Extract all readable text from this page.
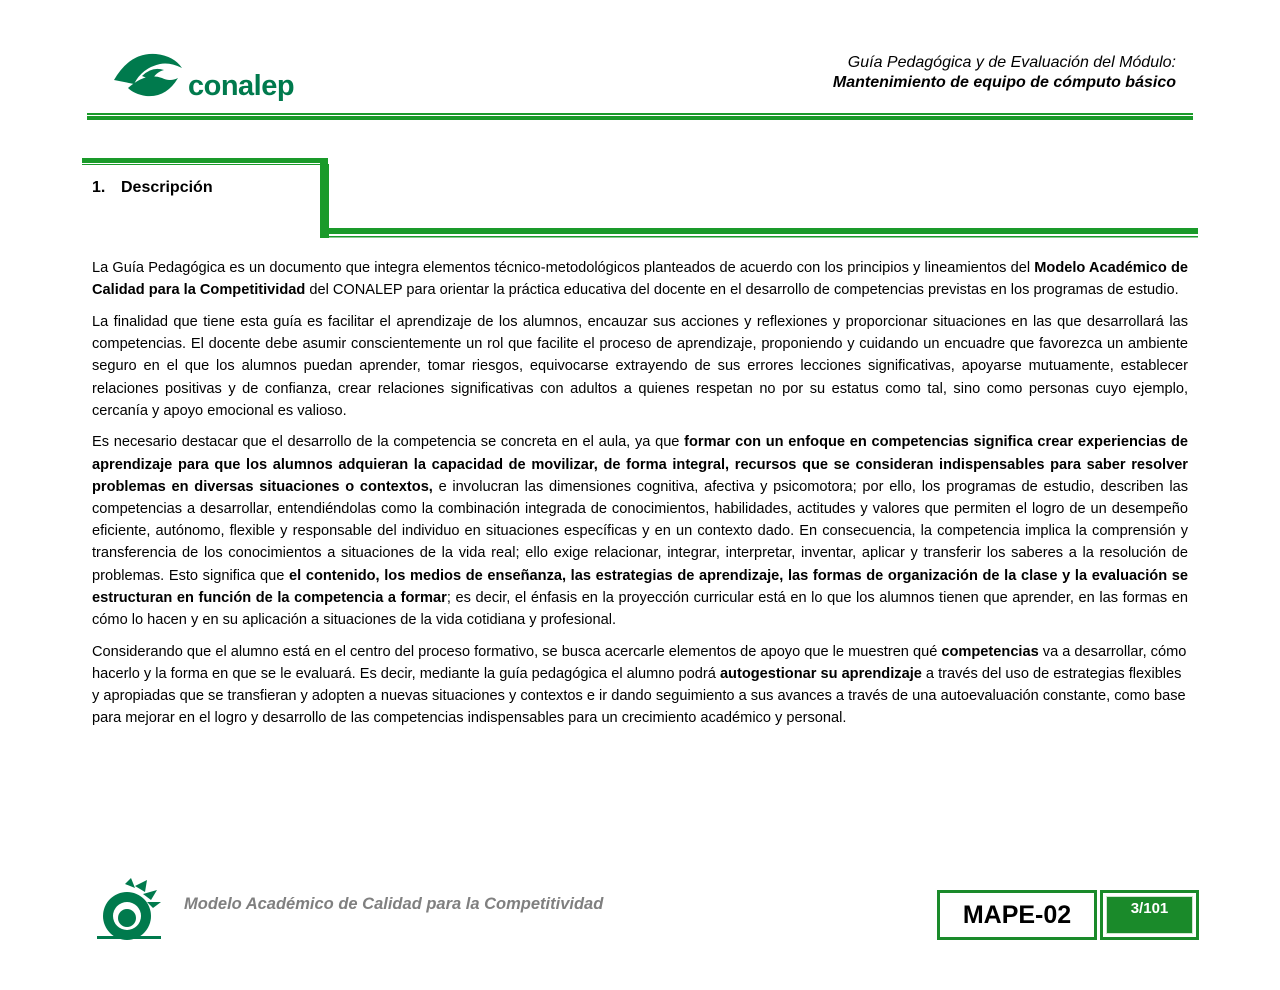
conalep
Guía Pedagógica y de Evaluación del Módulo:
Mantenimiento de equipo de cómputo básico
1. Descripción

La Guía Pedagógica es un documento que integra elementos técnico-metodológicos planteados de acuerdo con los principios y lineamientos del Modelo Académico de Calidad para la Competitividad del CONALEP para orientar la práctica educativa del docente en el desarrollo de competencias previstas en los programas de estudio.

La finalidad que tiene esta guía es facilitar el aprendizaje de los alumnos, encauzar sus acciones y reflexiones y proporcionar situaciones en las que desarrollará las competencias. El docente debe asumir conscientemente un rol que facilite el proceso de aprendizaje, proponiendo y cuidando un encuadre que favorezca un ambiente seguro en el que los alumnos puedan aprender, tomar riesgos, equivocarse extrayendo de sus errores lecciones significativas, apoyarse mutuamente, establecer relaciones positivas y de confianza, crear relaciones significativas con adultos a quienes respetan no por su estatus como tal, sino como personas cuyo ejemplo, cercanía y apoyo emocional es valioso.

Es necesario destacar que el desarrollo de la competencia se concreta en el aula, ya que formar con un enfoque en competencias significa crear experiencias de aprendizaje para que los alumnos adquieran la capacidad de movilizar, de forma integral, recursos que se consideran indispensables para saber resolver problemas en diversas situaciones o contextos, e involucran las dimensiones cognitiva, afectiva y psicomotora; por ello, los programas de estudio, describen las competencias a desarrollar, entendiéndolas como la combinación integrada de conocimientos, habilidades, actitudes y valores que permiten el logro de un desempeño eficiente, autónomo, flexible y responsable del individuo en situaciones específicas y en un contexto dado. En consecuencia, la competencia implica la comprensión y transferencia de los conocimientos a situaciones de la vida real; ello exige relacionar, integrar, interpretar, inventar, aplicar y transferir los saberes a la resolución de problemas. Esto significa que el contenido, los medios de enseñanza, las estrategias de aprendizaje, las formas de organización de la clase y la evaluación se estructuran en función de la competencia a formar; es decir, el énfasis en la proyección curricular está en lo que los alumnos tienen que aprender, en las formas en cómo lo hacen y en su aplicación a situaciones de la vida cotidiana y profesional.

Considerando que el alumno está en el centro del proceso formativo, se busca acercarle elementos de apoyo que le muestren qué competencias va a desarrollar, cómo hacerlo y la forma en que se le evaluará. Es decir, mediante la guía pedagógica el alumno podrá autogestionar su aprendizaje a través del uso de estrategias flexibles y apropiadas que se transfieran y adopten a nuevas situaciones y contextos e ir dando seguimiento a sus avances a través de una autoevaluación constante, como base para mejorar en el logro y desarrollo de las competencias indispensables para un crecimiento académico y personal.

Modelo Académico de Calidad para la Competitividad	MAPE-02	3/101
